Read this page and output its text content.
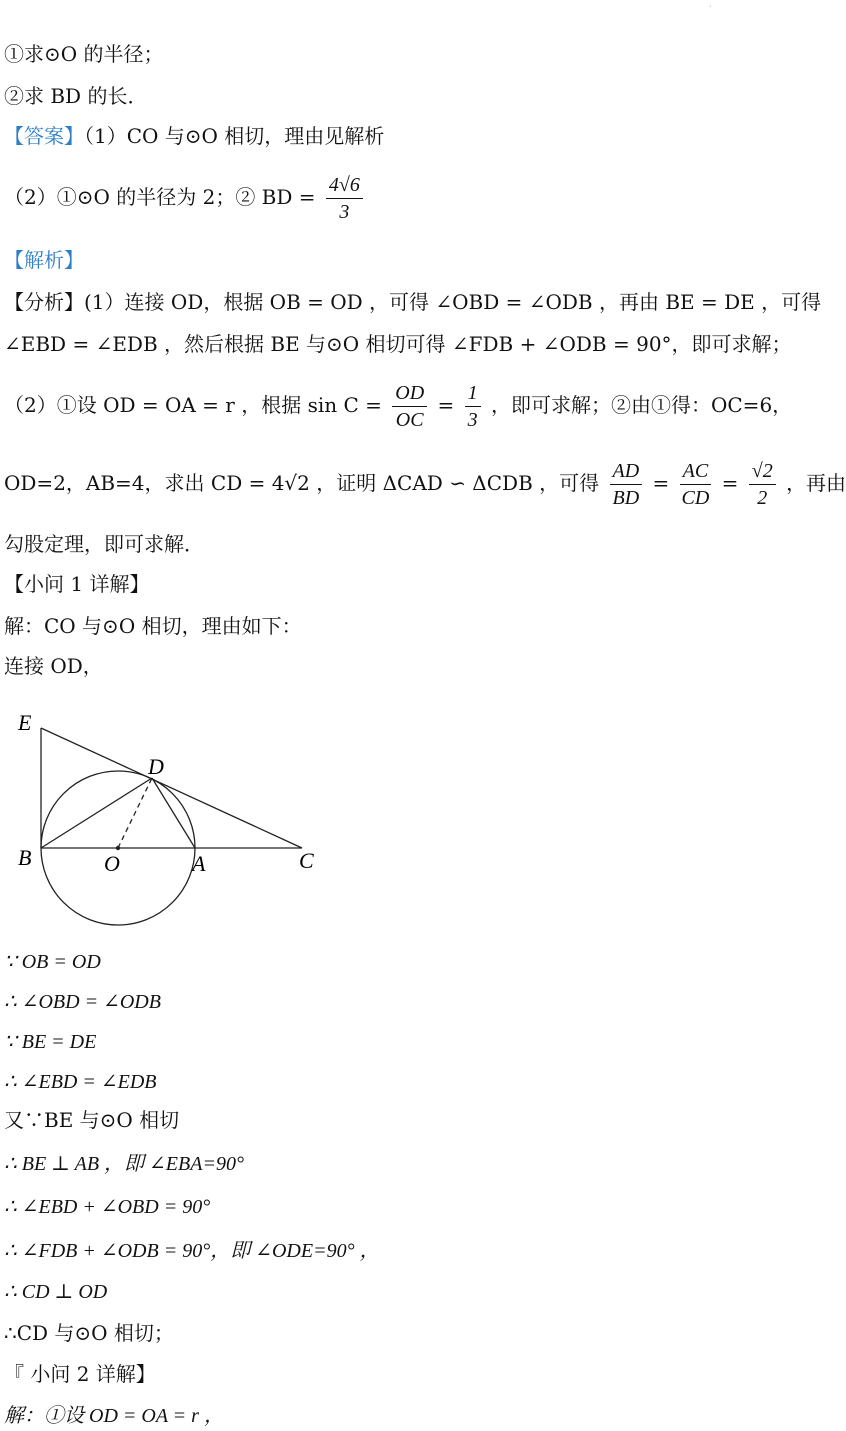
·
①求⊙O 的半径；
②求 BD 的长．
【答案】（1）CO 与⊙O 相切，理由见解析
（2）①⊙O 的半径为 2；② BD = $\frac{4√6}{3}$
【解析】
【分析】(1）连接 OD，根据 OB = OD ，可得 ∠OBD = ∠ODB ，再由 BE = DE ，可得
∠EBD = ∠EDB ，然后根据 BE 与⊙O 相切可得 ∠FDB + ∠ODB = 90°，即可求解；
（2）①设 OD = OA = r ，根据 $\sin C = \frac{OD}{OC} = \frac{1}{3}$ ，即可求解；②由①得：OC=6，
OD=2，AB=4，求出 CD = 4√2 ，证明 ΔCAD ∽ ΔCDB ，可得 $\frac{AD}{BD} = \frac{AC}{CD} = \frac{√2}{2}$ ，再由
勾股定理，即可求解．
【小问 1 详解】
解：CO 与⊙O 相切，理由如下：
连接 OD，
E
D
B	O	A	C
∵ OB = OD
∴ ∠OBD = ∠ODB
∵ BE = DE
∴ ∠EBD = ∠EDB
又∵BE 与⊙O 相切
∴ BE ⊥ AB ，即 ∠EBA=90°
∴ ∠EBD + ∠OBD = 90°
∴ ∠FDB + ∠ODB = 90°，即 ∠ODE=90° ，
∴ CD ⊥ OD
∴CD 与⊙O 相切；
『 小问 2 详解】
解：①设 OD = OA = r ，
